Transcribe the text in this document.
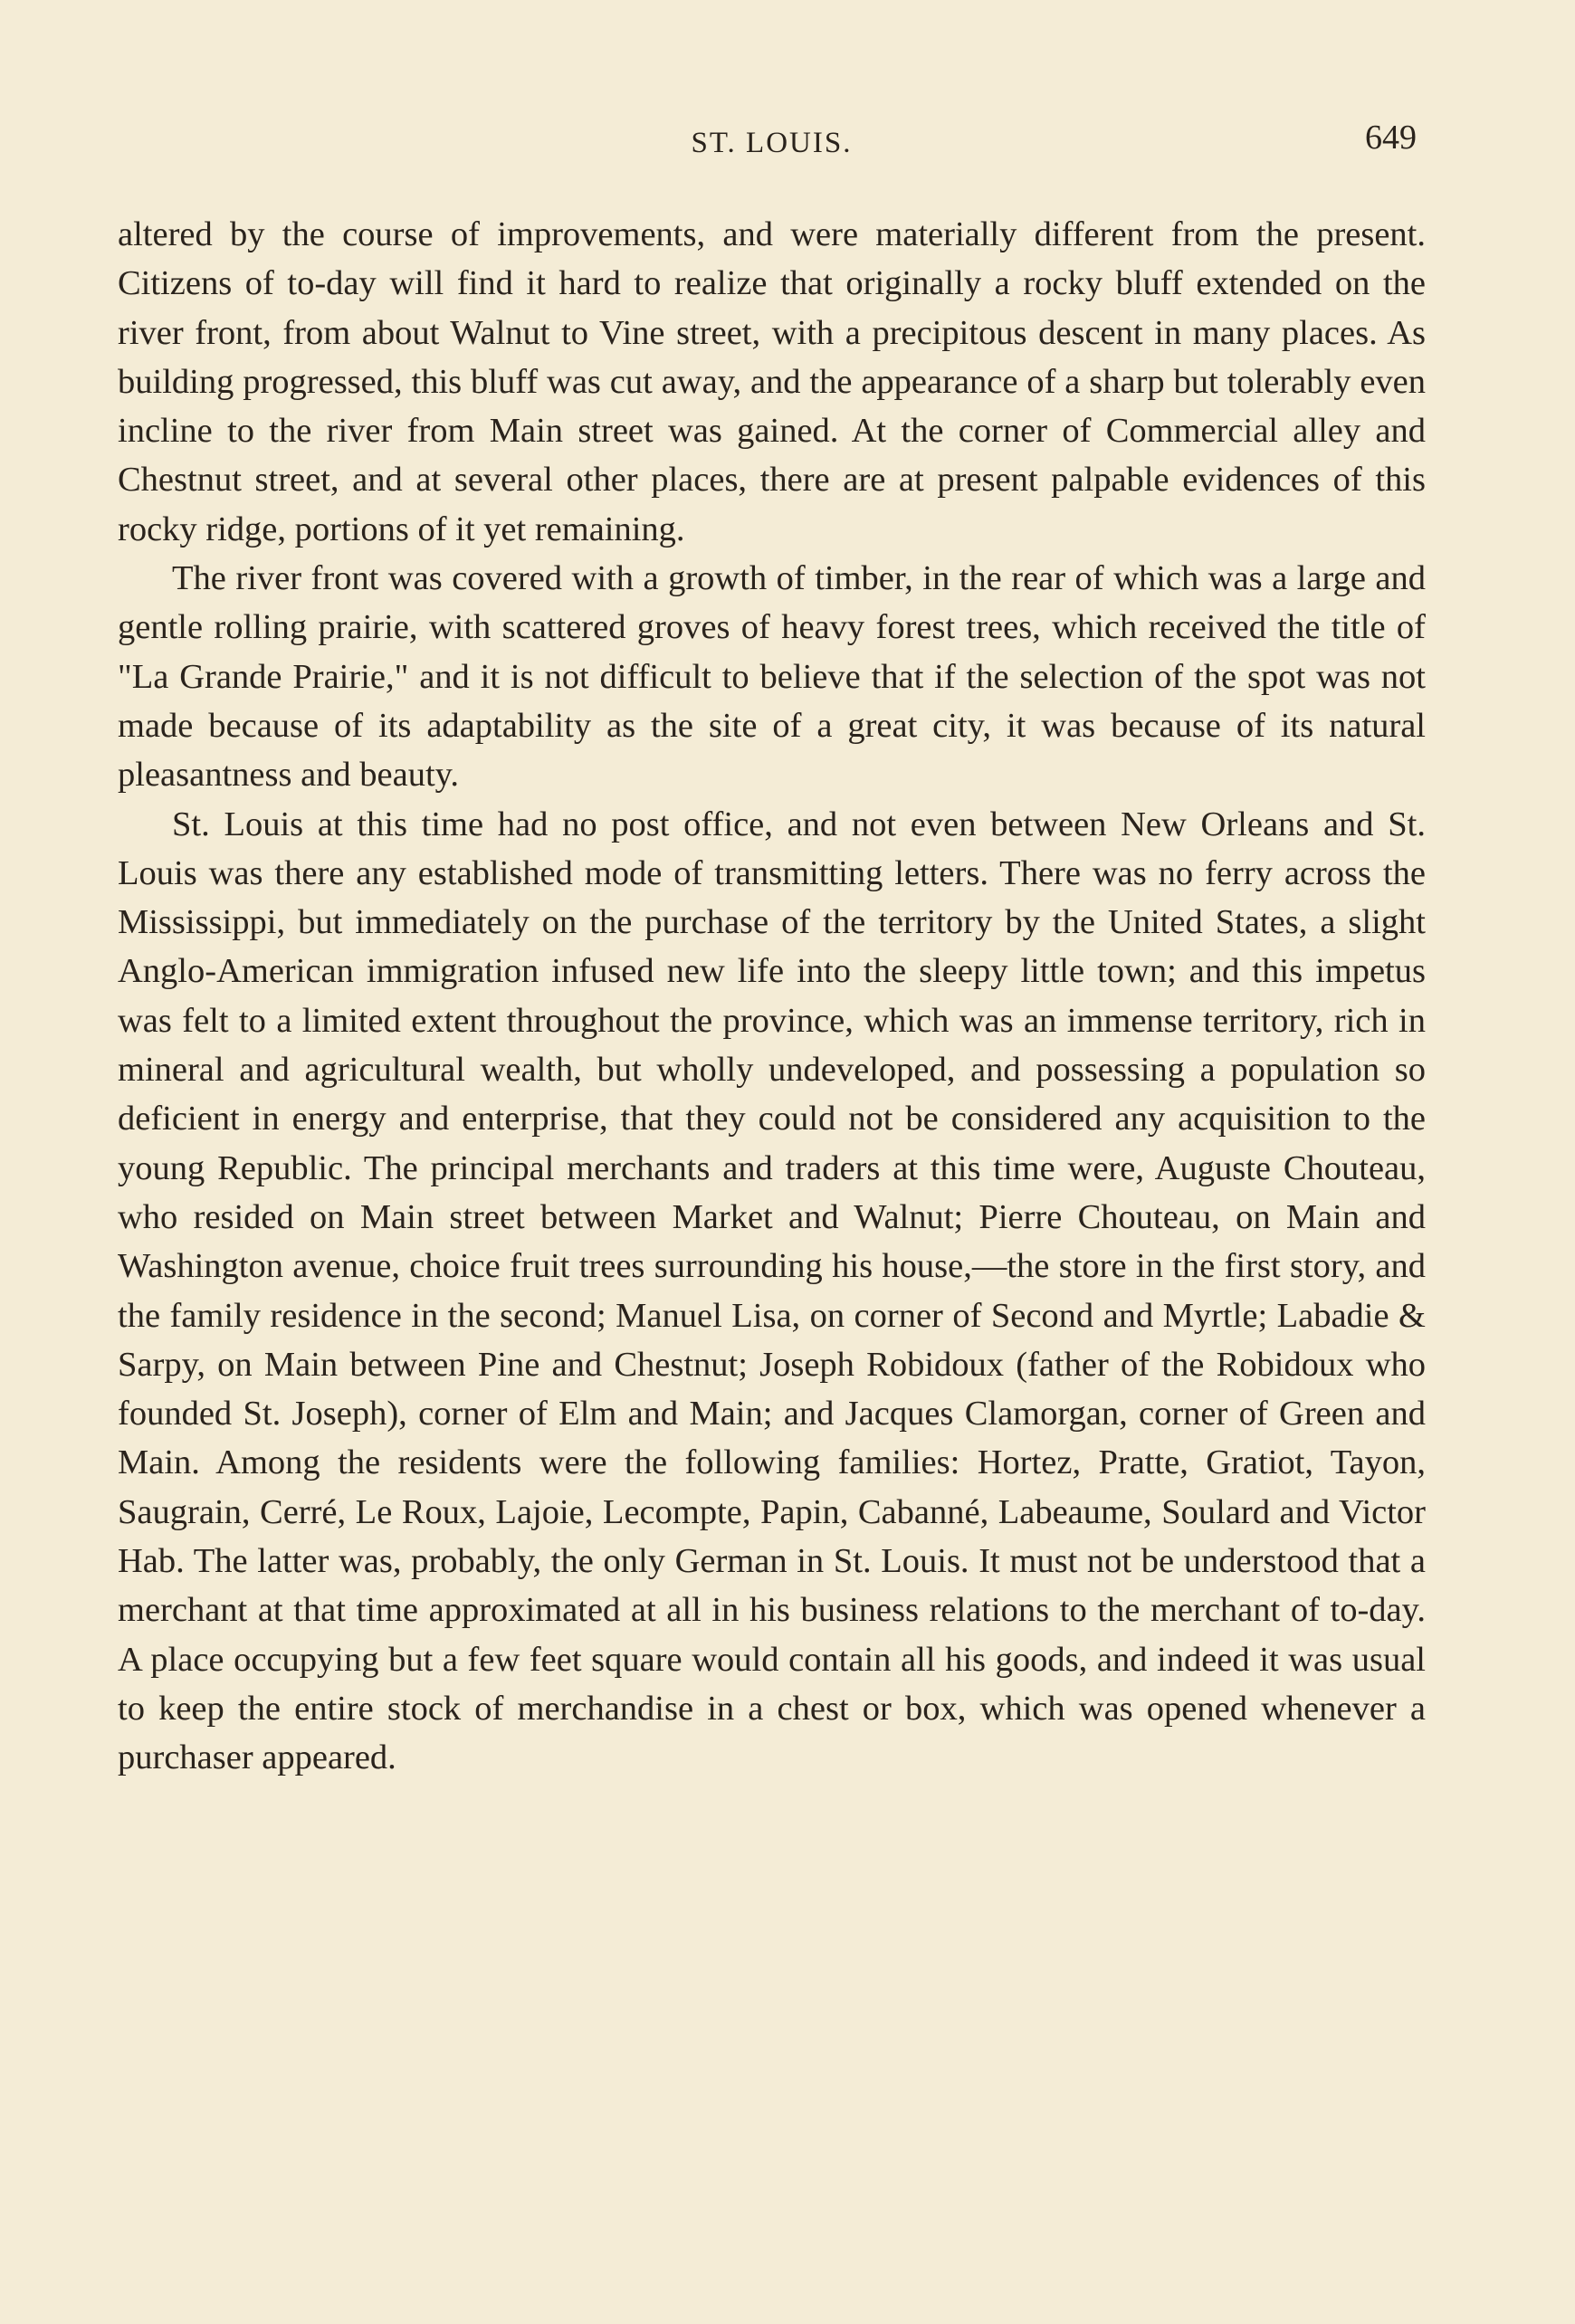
ST. LOUIS.	649

altered by the course of improvements, and were materially different from the present. Citizens of to-day will find it hard to realize that originally a rocky bluff extended on the river front, from about Walnut to Vine street, with a precipitous descent in many places. As building progressed, this bluff was cut away, and the appearance of a sharp but tolerably even incline to the river from Main street was gained. At the corner of Commercial alley and Chestnut street, and at several other places, there are at present palpable evidences of this rocky ridge, portions of it yet remaining.

The river front was covered with a growth of timber, in the rear of which was a large and gentle rolling prairie, with scattered groves of heavy forest trees, which received the title of "La Grande Prairie," and it is not difficult to believe that if the selection of the spot was not made because of its adaptability as the site of a great city, it was because of its natural pleasantness and beauty.

St. Louis at this time had no post office, and not even between New Orleans and St. Louis was there any established mode of transmitting letters. There was no ferry across the Mississippi, but immediately on the purchase of the territory by the United States, a slight Anglo-American immigration infused new life into the sleepy little town; and this impetus was felt to a limited extent throughout the province, which was an immense territory, rich in mineral and agricultural wealth, but wholly undeveloped, and possessing a population so deficient in energy and enterprise, that they could not be considered any acquisition to the young Republic. The principal merchants and traders at this time were, Auguste Chouteau, who resided on Main street between Market and Walnut; Pierre Chouteau, on Main and Washington avenue, choice fruit trees surrounding his house,—the store in the first story, and the family residence in the second; Manuel Lisa, on corner of Second and Myrtle; Labadie & Sarpy, on Main between Pine and Chestnut; Joseph Robidoux (father of the Robidoux who founded St. Joseph), corner of Elm and Main; and Jacques Clamorgan, corner of Green and Main. Among the residents were the following families: Hortez, Pratte, Gratiot, Tayon, Saugrain, Cerré, Le Roux, Lajoie, Lecompte, Papin, Cabanné, Labeaume, Soulard and Victor Hab. The latter was, probably, the only German in St. Louis. It must not be understood that a merchant at that time approximated at all in his business relations to the merchant of to-day. A place occupying but a few feet square would contain all his goods, and indeed it was usual to keep the entire stock of merchandise in a chest or box, which was opened whenever a purchaser appeared.
